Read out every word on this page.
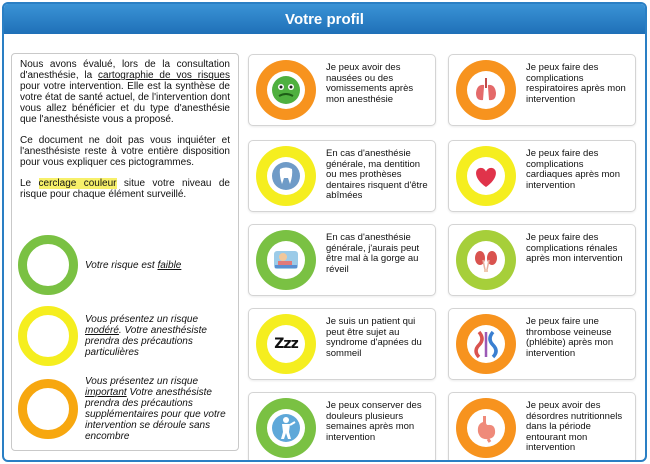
Votre profil

Nous avons évalué, lors de la consultation d'anesthésie, la cartographie de vos risques pour votre intervention. Elle est la synthèse de votre état de santé actuel, de l'intervention dont vous allez bénéficier et du type d'anesthésie que l'anesthésiste vous a proposé.

Ce document ne doit pas vous inquiéter et l'anesthésiste reste à votre entière disposition pour vous expliquer ces pictogrammes.

Le cerclage couleur situe votre niveau de risque pour chaque élément surveillé.

Votre risque est faible
Vous présentez un risque modéré. Votre anesthésiste prendra des précautions particulières
Vous présentez un risque important Votre anesthésiste prendra des précautions supplémentaires pour que votre intervention se déroule sans encombre
Je peux avoir des nausées ou des vomissements après mon anesthésie
En cas d'anesthésie générale, ma dentition ou mes prothèses dentaires risquent d'être abîmées
En cas d'anesthésie générale, j'aurais peut être mal à la gorge au réveil
Zzz
Je suis un patient qui peut être sujet au syndrome d'apnées du sommeil
Je peux conserver des douleurs plusieurs semaines après mon intervention
Je peux faire des complications respiratoires après mon intervention
Je peux faire des complications cardiaques après mon intervention
Je peux faire des complications rénales après mon intervention
Je peux faire une thrombose veineuse (phlébite) après mon intervention
Je peux avoir des désordres nutritionnels dans la période entourant mon intervention
